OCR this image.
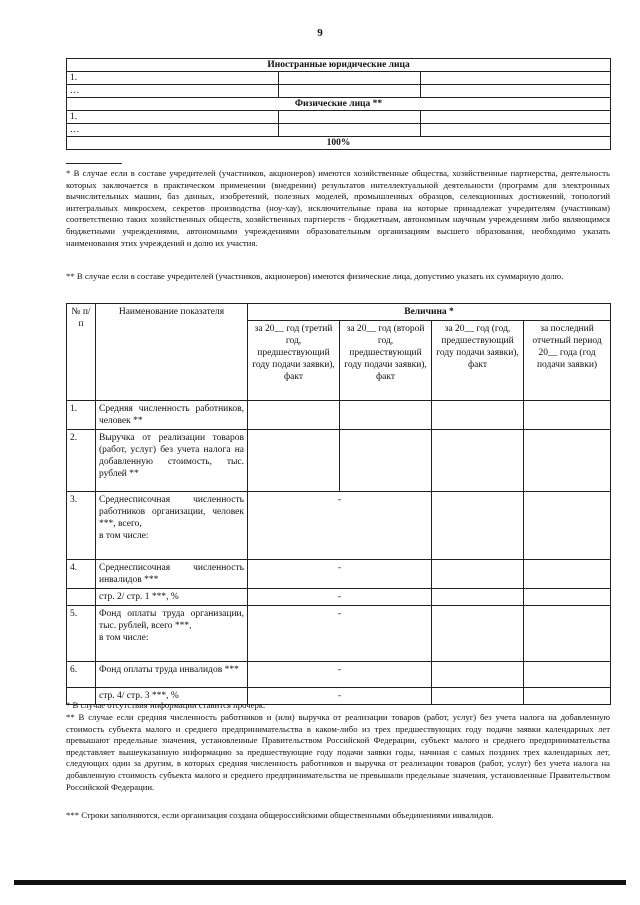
9
Иностранные юридические лица		
1.		
…		
Физические лица **		
1.		
…		
100%		

* В случае если в составе учредителей (участников, акционеров) имеются хозяйственные общества, хозяйственные партнерства, деятельность которых заключается в практическом применении (внедрении) результатов интеллектуальной деятельности (программ для электронных вычислительных машин, баз данных, изобретений, полезных моделей, промышленных образцов, селекционных достижений, топологий интегральных микросхем, секретов производства (ноу-хау), исключительные права на которые принадлежат учредителям (участникам) соответственно таких хозяйственных обществ, хозяйственных партнерств - бюджетным, автономным научным учреждениям либо являющимся бюджетными учреждениями, автономными учреждениями образовательным организациям высшего образования, необходимо указать наименования этих учреждений и долю их участия.

** В случае если в составе учредителей (участников, акционеров) имеются физические лица, допустимо указать их суммарную долю.

№ п/п	Наименование показателя	Величина *			
		за 20__ год (третий год, предшествующий году подачи заявки), факт	за 20__ год (второй год, предшествующий году подачи заявки), факт	за 20__ год (год, предшествующий году подачи заявки), факт	за последний отчетный период 20__ года (год подачи заявки)
1.	Средняя численность работников, человек **				
2.	Выручка от реализации товаров (работ, услуг) без учета налога на добавленную стоимость, тыс. рублей **				
3.	Среднесписочная численность работников организации, человек ***, всего,
в том числе:	-			
4.	Среднесписочная численность инвалидов ***	-			
	стр. 2/ стр. 1 ***, %	-			
5.	Фонд оплаты труда организации, тыс. рублей, всего ***,
в том числе:	-			
6.	Фонд оплаты труда инвалидов ***	-			
	стр. 4/ стр. 3 ***, %	-			

* В случае отсутствия информации ставится прочерк.

** В случае если средняя численность работников и (или) выручка от реализации товаров (работ, услуг) без учета налога на добавленную стоимость субъекта малого и среднего предпринимательства в каком-либо из трех предшествующих году подачи заявки календарных лет превышают предельные значения, установленные Правительством Российской Федерации, субъект малого и среднего предпринимательства представляет вышеуказанную информацию за предшествующие году подачи заявки годы, начиная с самых поздних трех календарных лет, следующих один за другим, в которых средняя численность работников и выручка от реализации товаров (работ, услуг) без учета налога на добавленную стоимость субъекта малого и среднего предпринимательства не превышали предельные значения, установленные Правительством Российской Федерации.

*** Строки заполняются, если организация создана общероссийскими общественными объединениями инвалидов.
